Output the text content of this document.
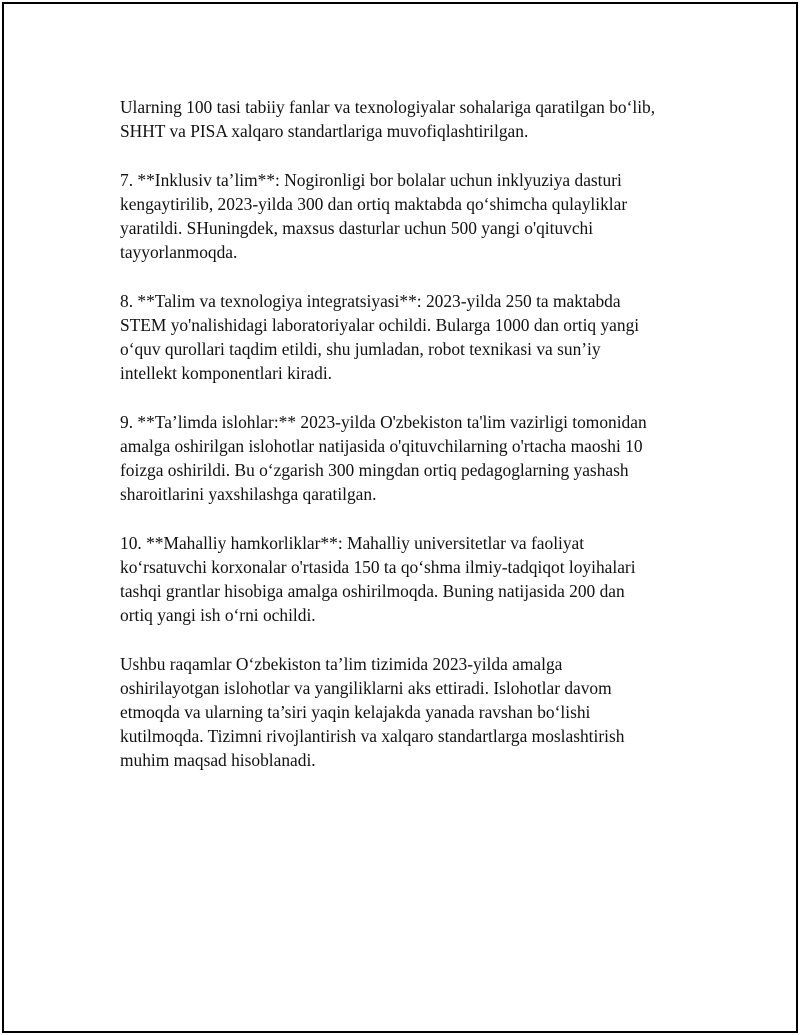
Ularning 100 tasi tabiiy fanlar va texnologiyalar sohalariga qaratilgan bo‘lib,
SHHT va PISA xalqaro standartlariga muvofiqlashtirilgan.

7. **Inklusiv ta’lim**: Nogironligi bor bolalar uchun inklyuziya dasturi
kengaytirilib, 2023-yilda 300 dan ortiq maktabda qo‘shimcha qulayliklar
yaratildi. SHuningdek, maxsus dasturlar uchun 500 yangi o'qituvchi
tayyorlanmoqda.

8. **Talim va texnologiya integratsiyasi**: 2023-yilda 250 ta maktabda
STEM yo'nalishidagi laboratoriyalar ochildi. Bularga 1000 dan ortiq yangi
o‘quv qurollari taqdim etildi, shu jumladan, robot texnikasi va sun’iy
intellekt komponentlari kiradi.

9. **Ta’limda islohlar:** 2023-yilda O'zbekiston ta'lim vazirligi tomonidan
amalga oshirilgan islohotlar natijasida o'qituvchilarning o'rtacha maoshi 10
foizga oshirildi. Bu o‘zgarish 300 mingdan ortiq pedagoglarning yashash
sharoitlarini yaxshilashga qaratilgan.

10. **Mahalliy hamkorliklar**: Mahalliy universitetlar va faoliyat
ko‘rsatuvchi korxonalar o'rtasida 150 ta qo‘shma ilmiy-tadqiqot loyihalari
tashqi grantlar hisobiga amalga oshirilmoqda. Buning natijasida 200 dan
ortiq yangi ish o‘rni ochildi.

Ushbu raqamlar O‘zbekiston ta’lim tizimida 2023-yilda amalga
oshirilayotgan islohotlar va yangiliklarni aks ettiradi. Islohotlar davom
etmoqda va ularning ta’siri yaqin kelajakda yanada ravshan bo‘lishi
kutilmoqda. Tizimni rivojlantirish va xalqaro standartlarga moslashtirish
muhim maqsad hisoblanadi.
